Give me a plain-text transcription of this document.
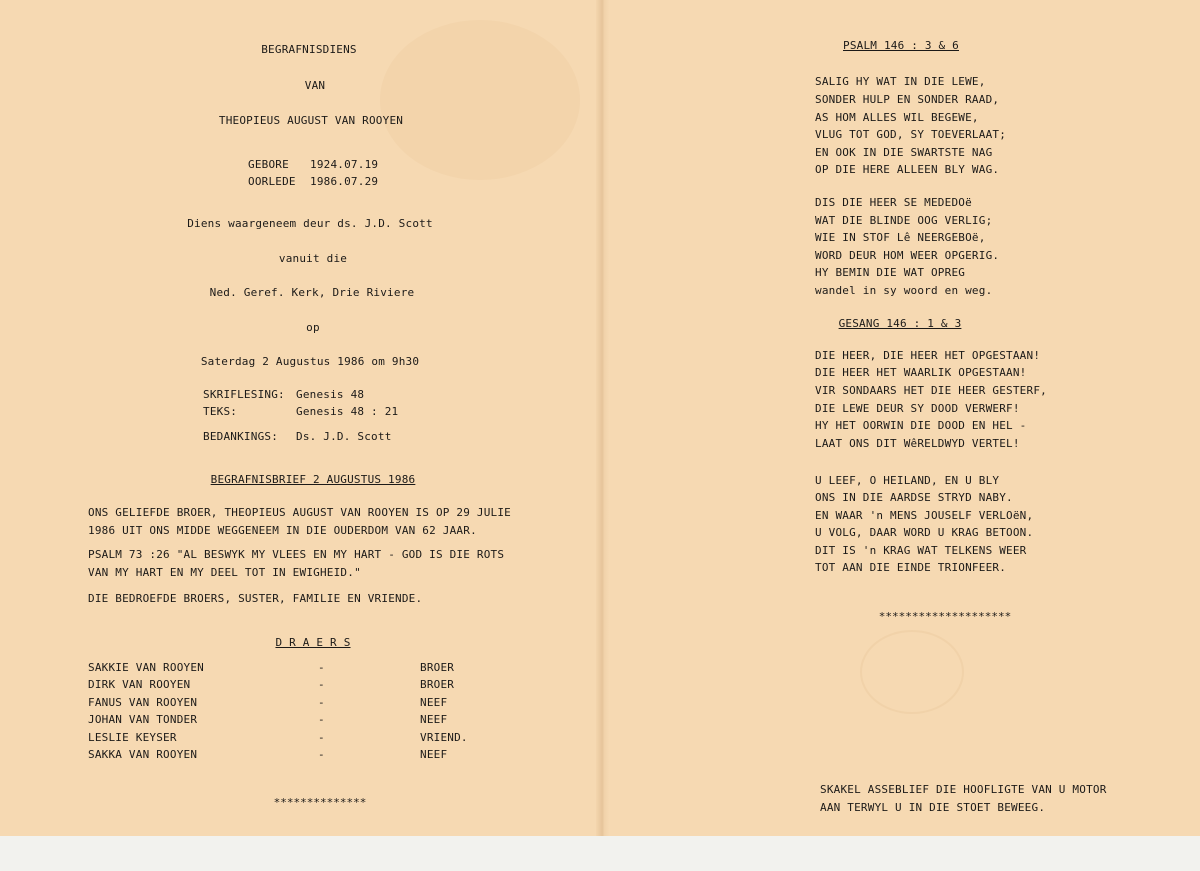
BEGRAFNISDIENS
VAN
THEOPIEUS AUGUST VAN ROOYEN
GEBORE 1924.07.19
OORLEDE 1986.07.29
Diens waargeneem deur ds. J.D. Scott
vanuit die
Ned. Geref. Kerk, Drie Riviere
op
Saterdag 2 Augustus 1986 om 9h30
SKRIFLESING: Genesis 48
TEKS:	Genesis 48 : 21
BEDANKINGS: Ds. J.D. Scott
BEGRAFNISBRIEF 2 AUGUSTUS 1986
ONS GELIEFDE BROER, THEOPIEUS AUGUST VAN ROOYEN IS OP 29 JULIE
1986 UIT ONS MIDDE WEGGENEEM IN DIE OUDERDOM VAN 62 JAAR.
PSALM 73 :26 "AL BESWYK MY VLEES EN MY HART - GOD IS DIE ROTS
VAN MY HART EN MY DEEL TOT IN EWIGHEID."
DIE BEDROEFDE BROERS, SUSTER, FAMILIE EN VRIENDE.
D R A E R S
SAKKIE VAN ROOYEN	-	BROER
DIRK VAN ROOYEN	-	BROER
FANUS VAN ROOYEN	-	NEEF
JOHAN VAN TONDER	-	NEEF
LESLIE KEYSER	-	VRIEND.
SAKKA VAN ROOYEN	-	NEEF
**************
PSALM 146 : 3 & 6
SALIG HY WAT IN DIE LEWE,
SONDER HULP EN SONDER RAAD,
AS HOM ALLES WIL BEGEWE,
VLUG TOT GOD, SY TOEVERLAAT;
EN OOK IN DIE SWARTSTE NAG
OP DIE HERE ALLEEN BLY WAG.
DIS DIE HEER SE MEDEDOë
WAT DIE BLINDE OOG VERLIG;
WIE IN STOF Lê NEERGEBOë,
WORD DEUR HOM WEER OPGERIG.
HY BEMIN DIE WAT OPREG
wandel in sy woord en weg.
GESANG 146 : 1 & 3
DIE HEER, DIE HEER HET OPGESTAAN!
DIE HEER HET WAARLIK OPGESTAAN!
VIR SONDAARS HET DIE HEER GESTERF,
DIE LEWE DEUR SY DOOD VERWERF!
HY HET OORWIN DIE DOOD EN HEL -
LAAT ONS DIT WêRELDWYD VERTEL!
U LEEF, O HEILAND, EN U BLY
ONS IN DIE AARDSE STRYD NABY.
EN WAAR 'n MENS JOUSELF VERLOëN,
U VOLG, DAAR WORD U KRAG BETOON.
DIT IS 'n KRAG WAT TELKENS WEER
TOT AAN DIE EINDE TRIONFEER.
********************
SKAKEL ASSEBLIEF DIE HOOFLIGTE VAN U MOTOR
AAN TERWYL U IN DIE STOET BEWEEG.
